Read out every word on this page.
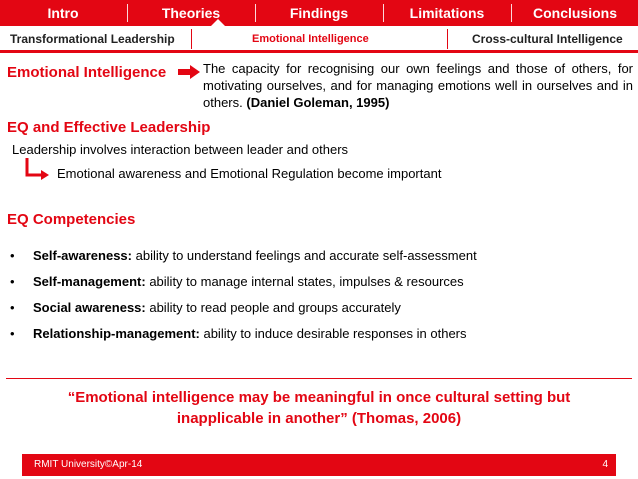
Intro	Theories	Findings	Limitations	Conclusions
Transformational Leadership	Emotional Intelligence	Cross-cultural Intelligence
Emotional Intelligence	The capacity for recognising our own feelings and those of others, for motivating ourselves, and for managing emotions well in ourselves and in others. (Daniel Goleman, 1995)
EQ and Effective Leadership
Leadership involves interaction between leader and others
Emotional awareness and Emotional Regulation become important
EQ Competencies
• Self-awareness: ability to understand feelings and accurate self-assessment
• Self-management: ability to manage internal states, impulses & resources
• Social awareness: ability to read people and groups accurately
• Relationship-management: ability to induce desirable responses in others
“Emotional intelligence may be meaningful in once cultural setting but
inapplicable in another” (Thomas, 2006)
RMIT University©Apr-14	4
